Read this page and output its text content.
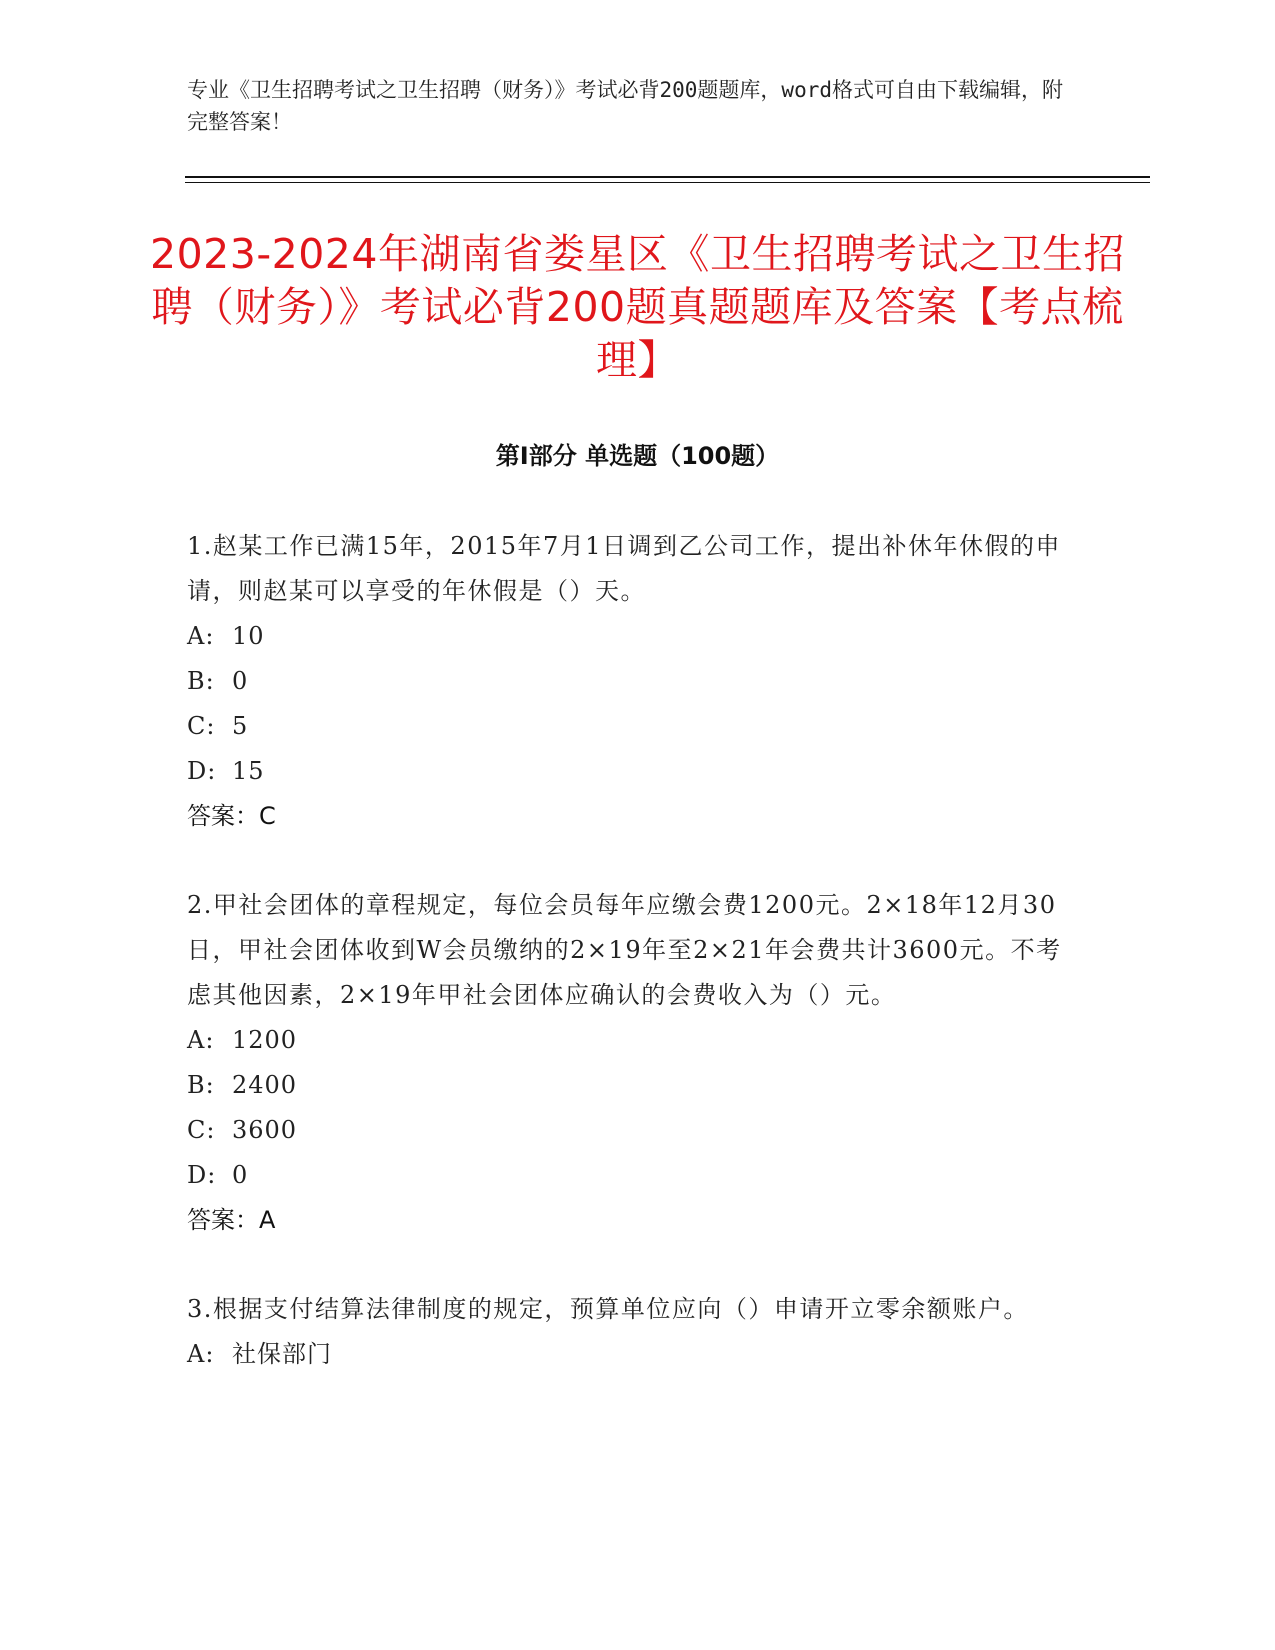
专业《卫生招聘考试之卫生招聘（财务）》考试必背200题题库，word格式可自由下载编辑，附完整答案！
2023-2024年湖南省娄星区《卫生招聘考试之卫生招聘（财务）》考试必背200题真题题库及答案【考点梳理】
第I部分 单选题（100题）

1.赵某工作已满15年，2015年7月1日调到乙公司工作，提出补休年休假的申请，则赵某可以享受的年休假是（）天。

A: 10

B: 0

C: 5

D: 15

答案：C

2.甲社会团体的章程规定，每位会员每年应缴会费1200元。2×18年12月30日，甲社会团体收到W会员缴纳的2×19年至2×21年会费共计3600元。不考虑其他因素，2×19年甲社会团体应确认的会费收入为（）元。

A: 1200

B: 2400

C: 3600

D: 0

答案：A

3.根据支付结算法律制度的规定，预算单位应向（）申请开立零余额账户。

A: 社保部门
